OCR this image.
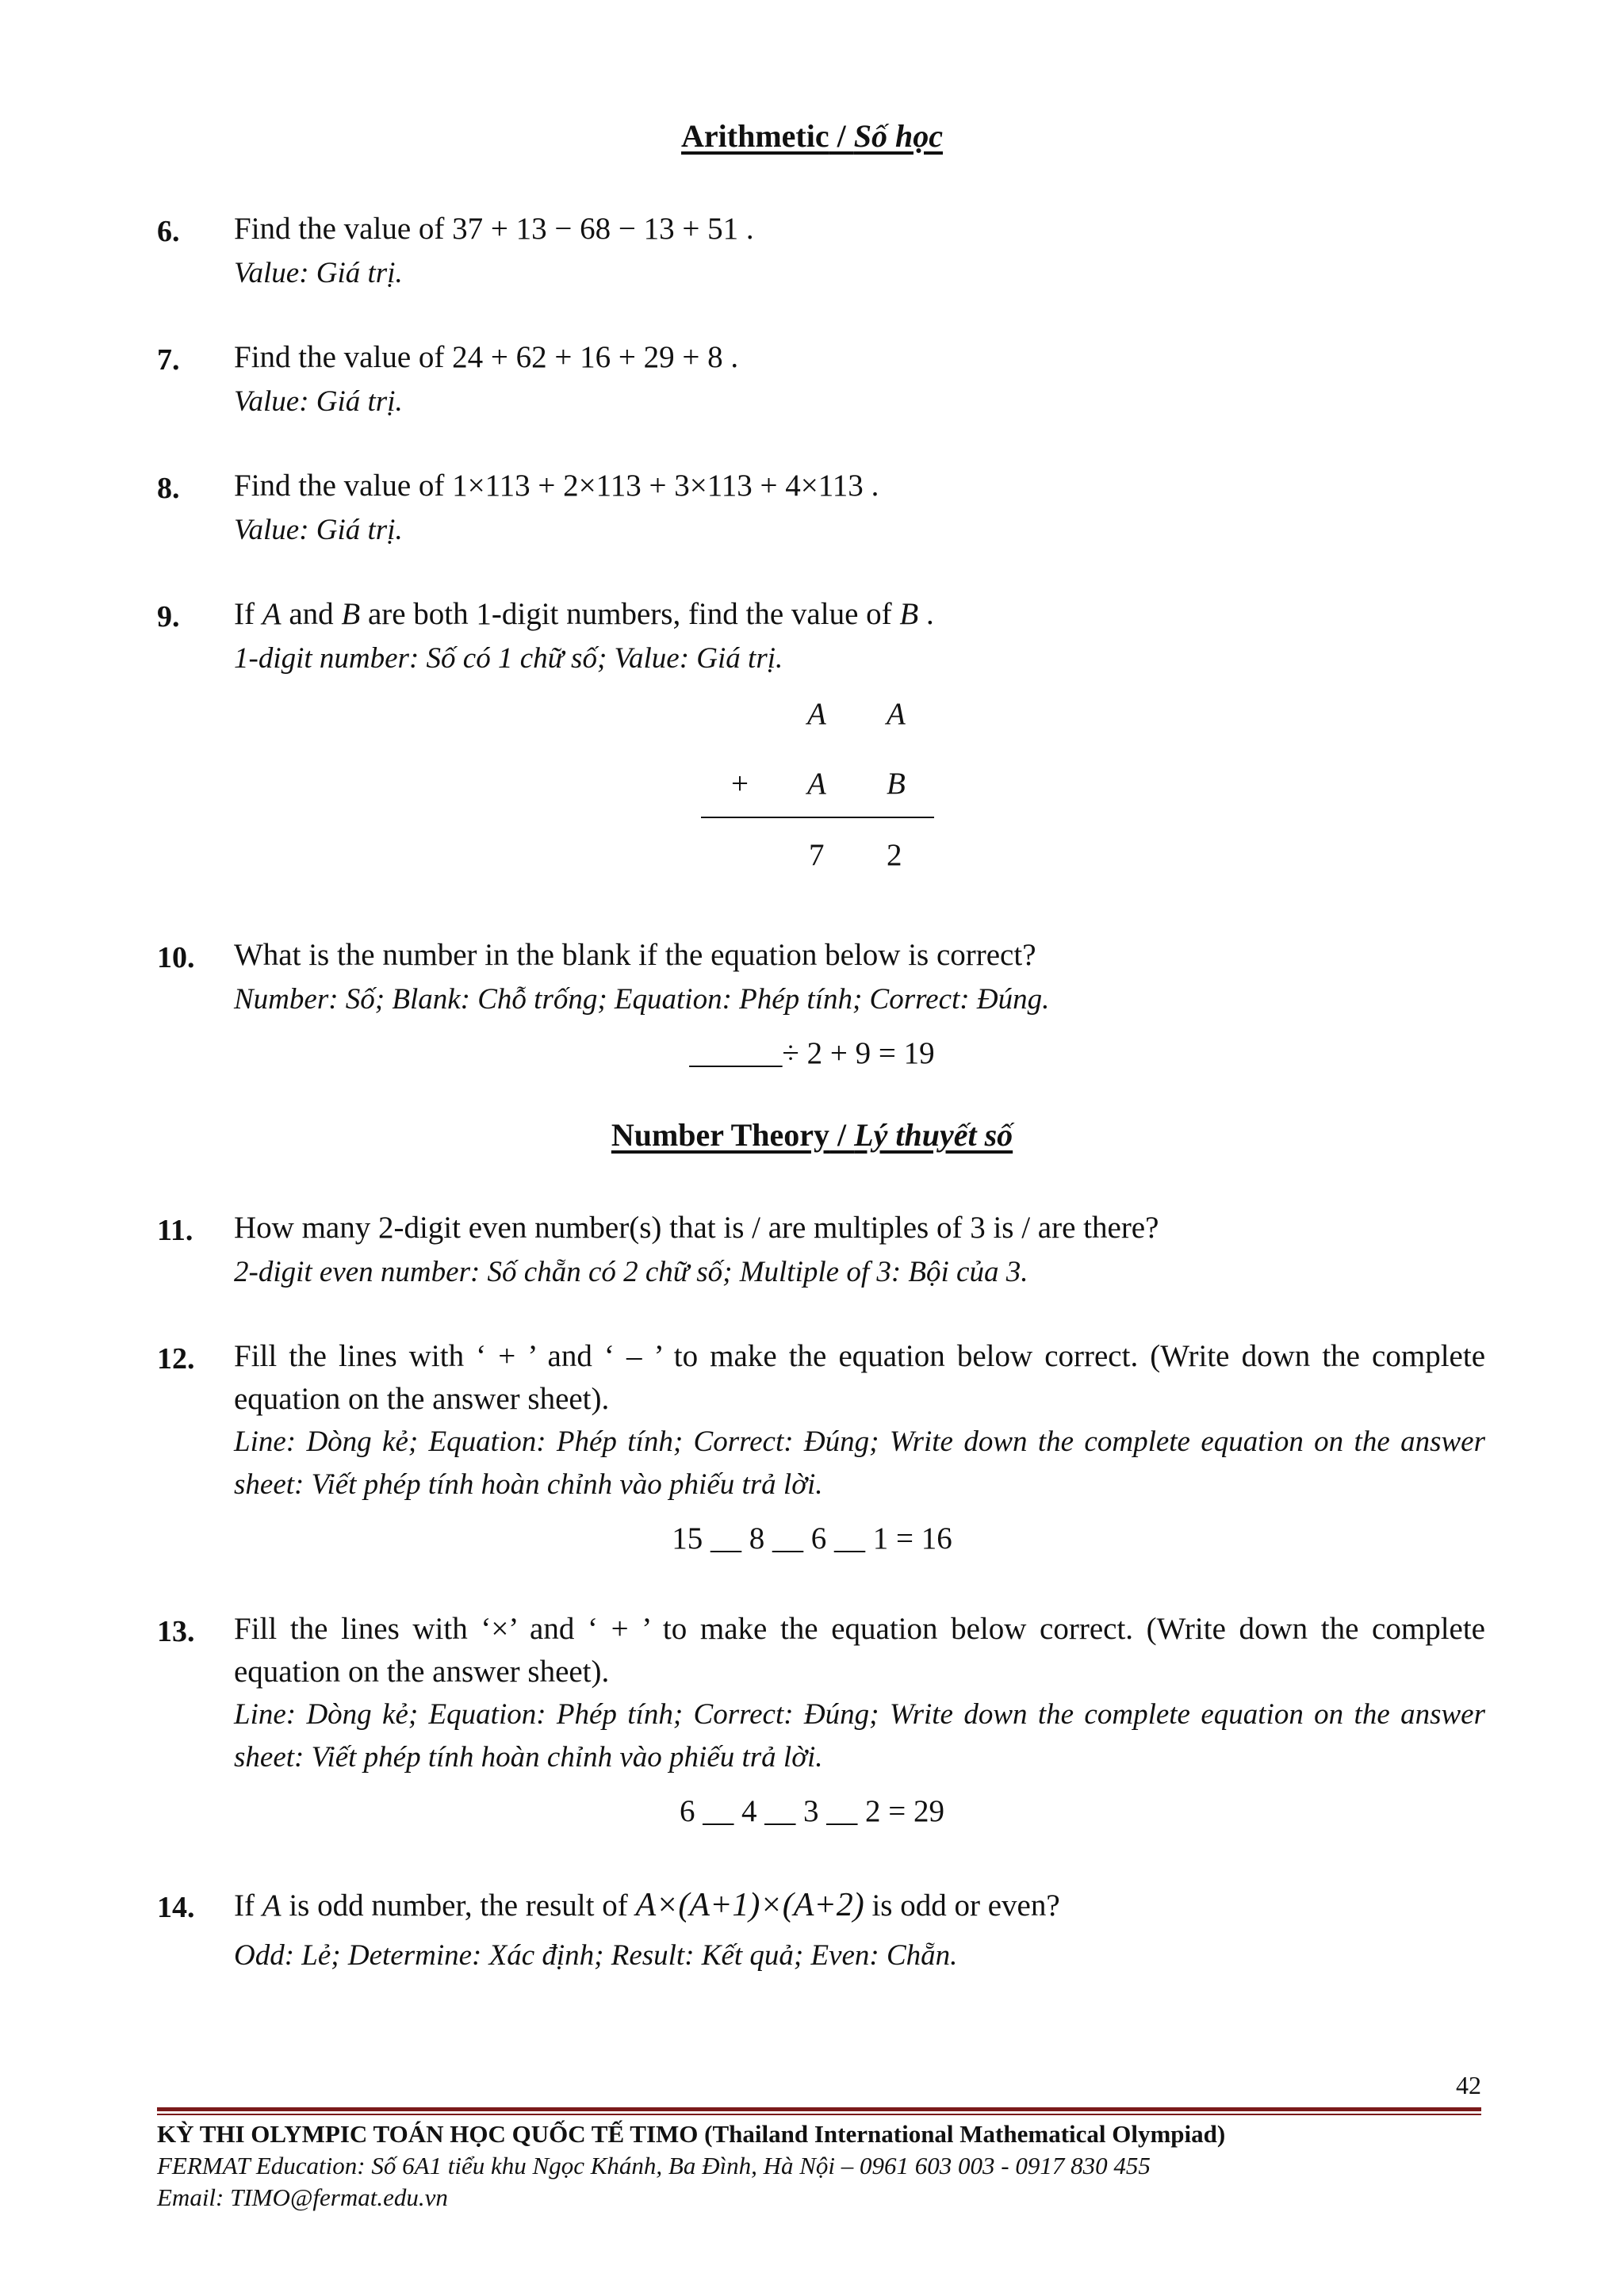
Arithmetic / Số học
6. Find the value of 37 + 13 − 68 − 13 + 51 .
Value: Giá trị.
7. Find the value of 24 + 62 + 16 + 29 + 8 .
Value: Giá trị.
8. Find the value of 1×113 + 2×113 + 3×113 + 4×113 .
Value: Giá trị.
9. If A and B are both 1-digit numbers, find the value of B .
1-digit number: Số có 1 chữ số; Value: Giá trị.
A A
+ A B
7 2
10. What is the number in the blank if the equation below is correct?
Number: Số; Blank: Chỗ trống; Equation: Phép tính; Correct: Đúng.
______÷ 2 + 9 = 19
Number Theory / Lý thuyết số
11. How many 2-digit even number(s) that is / are multiples of 3 is / are there?
2-digit even number: Số chẵn có 2 chữ số; Multiple of 3: Bội của 3.
12. Fill the lines with ‘ + ’ and ‘ – ’ to make the equation below correct. (Write down the complete equation on the answer sheet).
Line: Dòng kẻ; Equation: Phép tính; Correct: Đúng; Write down the complete equation on the answer sheet: Viết phép tính hoàn chỉnh vào phiếu trả lời.
15 __ 8 __ 6 __ 1 = 16
13. Fill the lines with ‘×’ and ‘ + ’ to make the equation below correct. (Write down the complete equation on the answer sheet).
Line: Dòng kẻ; Equation: Phép tính; Correct: Đúng; Write down the complete equation on the answer sheet: Viết phép tính hoàn chỉnh vào phiếu trả lời.
6 __ 4 __ 3 __ 2 = 29
14. If A is odd number, the result of A×(A+1)×(A+2) is odd or even?
Odd: Lẻ; Determine: Xác định; Result: Kết quả; Even: Chẵn.
42
KỲ THI OLYMPIC TOÁN HỌC QUỐC TẾ TIMO (Thailand International Mathematical Olympiad)
FERMAT Education: Số 6A1 tiểu khu Ngọc Khánh, Ba Đình, Hà Nội – 0961 603 003 - 0917 830 455
Email: TIMO@fermat.edu.vn
